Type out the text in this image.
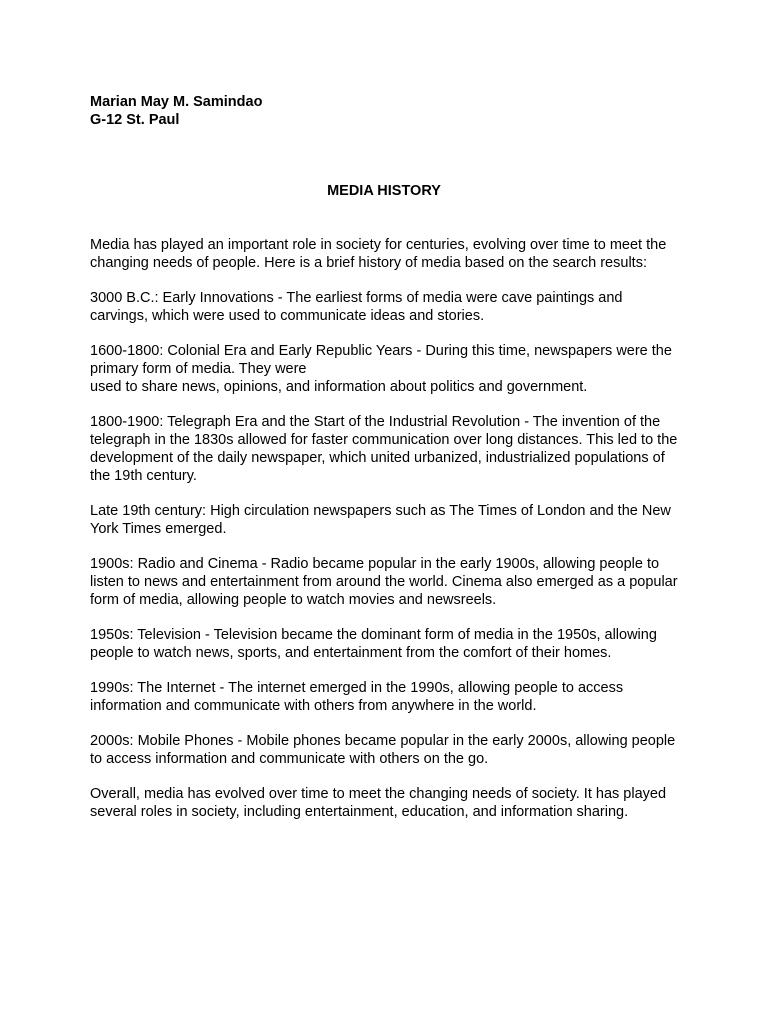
Marian May M. Samindao
G-12 St. Paul
MEDIA HISTORY

Media has played an important role in society for centuries, evolving over time to meet the changing needs of people. Here is a brief history of media based on the search results:

3000 B.C.: Early Innovations - The earliest forms of media were cave paintings and carvings, which were used to communicate ideas and stories.

1600-1800: Colonial Era and Early Republic Years - During this time, newspapers were the primary form of media. They were
used to share news, opinions, and information about politics and government.

1800-1900: Telegraph Era and the Start of the Industrial Revolution - The invention of the telegraph in the 1830s allowed for faster communication over long distances. This led to the development of the daily newspaper, which united urbanized, industrialized populations of the 19th century.

Late 19th century: High circulation newspapers such as The Times of London and the New York Times emerged.

1900s: Radio and Cinema - Radio became popular in the early 1900s, allowing people to listen to news and entertainment from around the world. Cinema also emerged as a popular form of media, allowing people to watch movies and newsreels.

1950s: Television - Television became the dominant form of media in the 1950s, allowing people to watch news, sports, and entertainment from the comfort of their homes.

1990s: The Internet - The internet emerged in the 1990s, allowing people to access information and communicate with others from anywhere in the world.

2000s: Mobile Phones - Mobile phones became popular in the early 2000s, allowing people to access information and communicate with others on the go.

Overall, media has evolved over time to meet the changing needs of society. It has played several roles in society, including entertainment, education, and information sharing.
